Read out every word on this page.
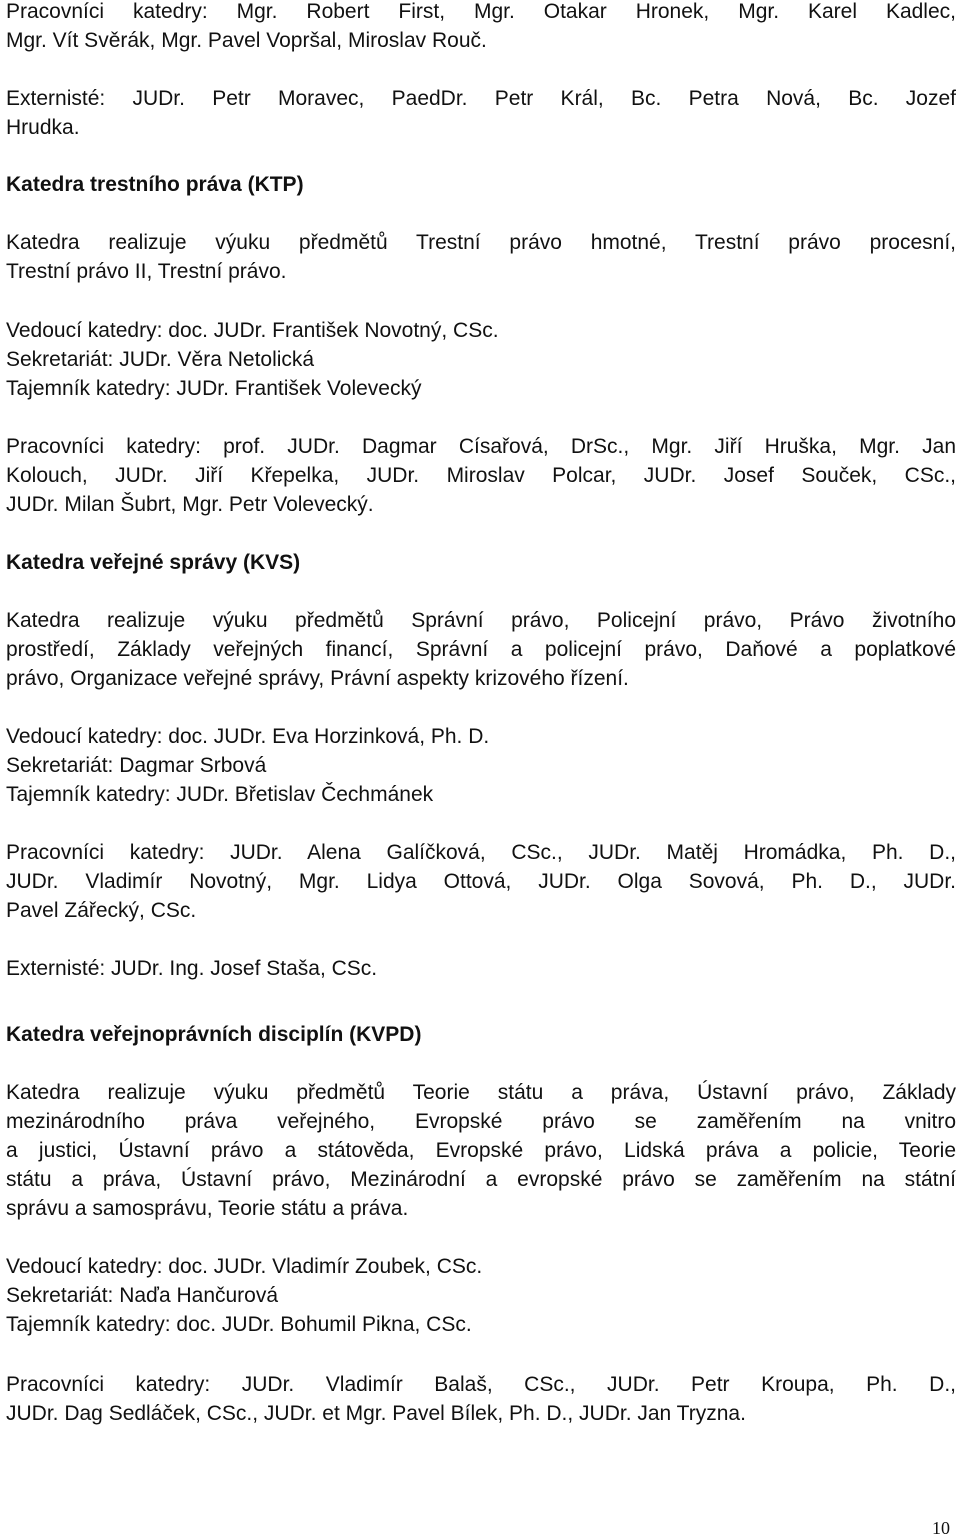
Pracovníci katedry: Mgr. Robert First, Mgr. Otakar Hronek, Mgr. Karel Kadlec,
Mgr. Vít Svěrák, Mgr. Pavel Vopršal, Miroslav Rouč.
Externisté: JUDr. Petr Moravec, PaedDr. Petr Král, Bc. Petra Nová, Bc. Jozef
Hrudka.
Katedra trestního práva (KTP)
Katedra realizuje výuku předmětů Trestní právo hmotné, Trestní právo procesní,
Trestní právo II, Trestní právo.
Vedoucí katedry: doc. JUDr. František Novotný, CSc.
Sekretariát: JUDr. Věra Netolická
Tajemník katedry: JUDr. František Volevecký
Pracovníci katedry: prof. JUDr. Dagmar Císařová, DrSc., Mgr. Jiří Hruška, Mgr. Jan
Kolouch, JUDr. Jiří Křepelka, JUDr. Miroslav Polcar, JUDr. Josef Souček, CSc.,
JUDr. Milan Šubrt, Mgr. Petr Volevecký.
Katedra veřejné správy (KVS)
Katedra realizuje výuku předmětů Správní právo, Policejní právo, Právo životního
prostředí, Základy veřejných financí, Správní a policejní právo, Daňové a poplatkové
právo, Organizace veřejné správy, Právní aspekty krizového řízení.
Vedoucí katedry: doc. JUDr. Eva Horzinková, Ph. D.
Sekretariát: Dagmar Srbová
Tajemník katedry: JUDr. Břetislav Čechmánek
Pracovníci katedry: JUDr. Alena Galíčková, CSc., JUDr. Matěj Hromádka, Ph. D.,
JUDr. Vladimír Novotný, Mgr. Lidya Ottová, JUDr. Olga Sovová, Ph. D., JUDr.
Pavel Zářecký, CSc.
Externisté: JUDr. Ing. Josef Staša, CSc.
Katedra veřejnoprávních disciplín (KVPD)
Katedra realizuje výuku předmětů Teorie státu a práva, Ústavní právo, Základy
mezinárodního práva veřejného, Evropské právo se zaměřením na vnitro
a justici, Ústavní právo a státověda, Evropské právo, Lidská práva a policie, Teorie
státu a práva, Ústavní právo, Mezinárodní a evropské právo se zaměřením na státní
správu a samosprávu, Teorie státu a práva.
Vedoucí katedry: doc. JUDr. Vladimír Zoubek, CSc.
Sekretariát: Naďa Hančurová
Tajemník katedry: doc. JUDr. Bohumil Pikna, CSc.
Pracovníci katedry: JUDr. Vladimír Balaš, CSc., JUDr. Petr Kroupa, Ph. D.,
JUDr. Dag Sedláček, CSc., JUDr. et Mgr. Pavel Bílek, Ph. D., JUDr. Jan Tryzna.
10
